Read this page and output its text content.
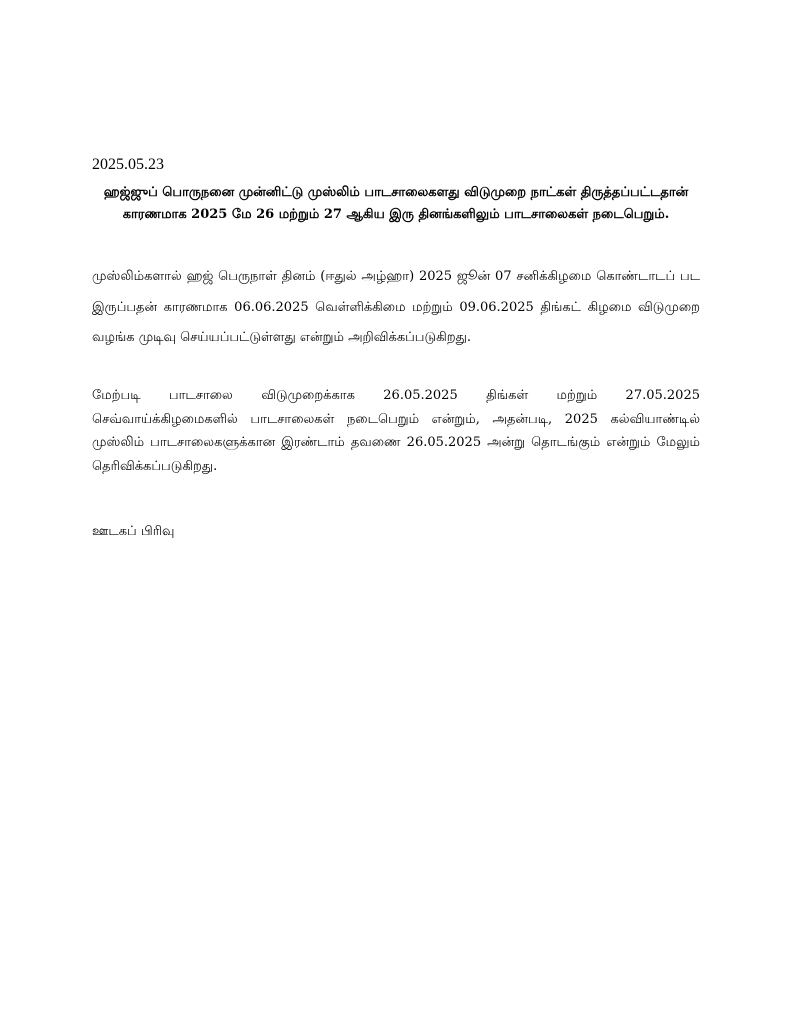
2025.05.23

ஹஜ்ஜுப் பொருநனை முன்னிட்டு முஸ்லிம் பாடசாலைகளது விடுமுறை நாட்கள் திருத்தப்பட்டதான் காரணமாக 2025 மே 26 மற்றும் 27 ஆகிய இரு தினங்களிலும் பாடசாலைகள் நடைபெறும்.

முஸ்லிம்களால் ஹஜ் பெருநாள் தினம் (ஈதுல் அழ்ஹா) 2025 ஜூன் 07 சனிக்கிழமை கொண்டாடப் பட இருப்பதன் காரணமாக 06.06.2025 வெள்ளிக்கிமை மற்றும் 09.06.2025 திங்கட் கிழமை விடுமுறை வழங்க முடிவு செய்யப்பட்டுள்ளது என்றும் அறிவிக்கப்படுகிறது.

மேற்படி பாடசாலை விடுமுறைக்காக 26.05.2025 திங்கள் மற்றும் 27.05.2025 செவ்வாய்க்கிழமைகளில் பாடசாலைகள் நடைபெறும் என்றும், அதன்படி, 2025 கல்வியாண்டில் முஸ்லிம் பாடசாலைகளுக்கான இரண்டாம் தவணை 26.05.2025 அன்று தொடங்கும் என்றும் மேலும் தெரிவிக்கப்படுகிறது.

ஊடகப் பிரிவு
